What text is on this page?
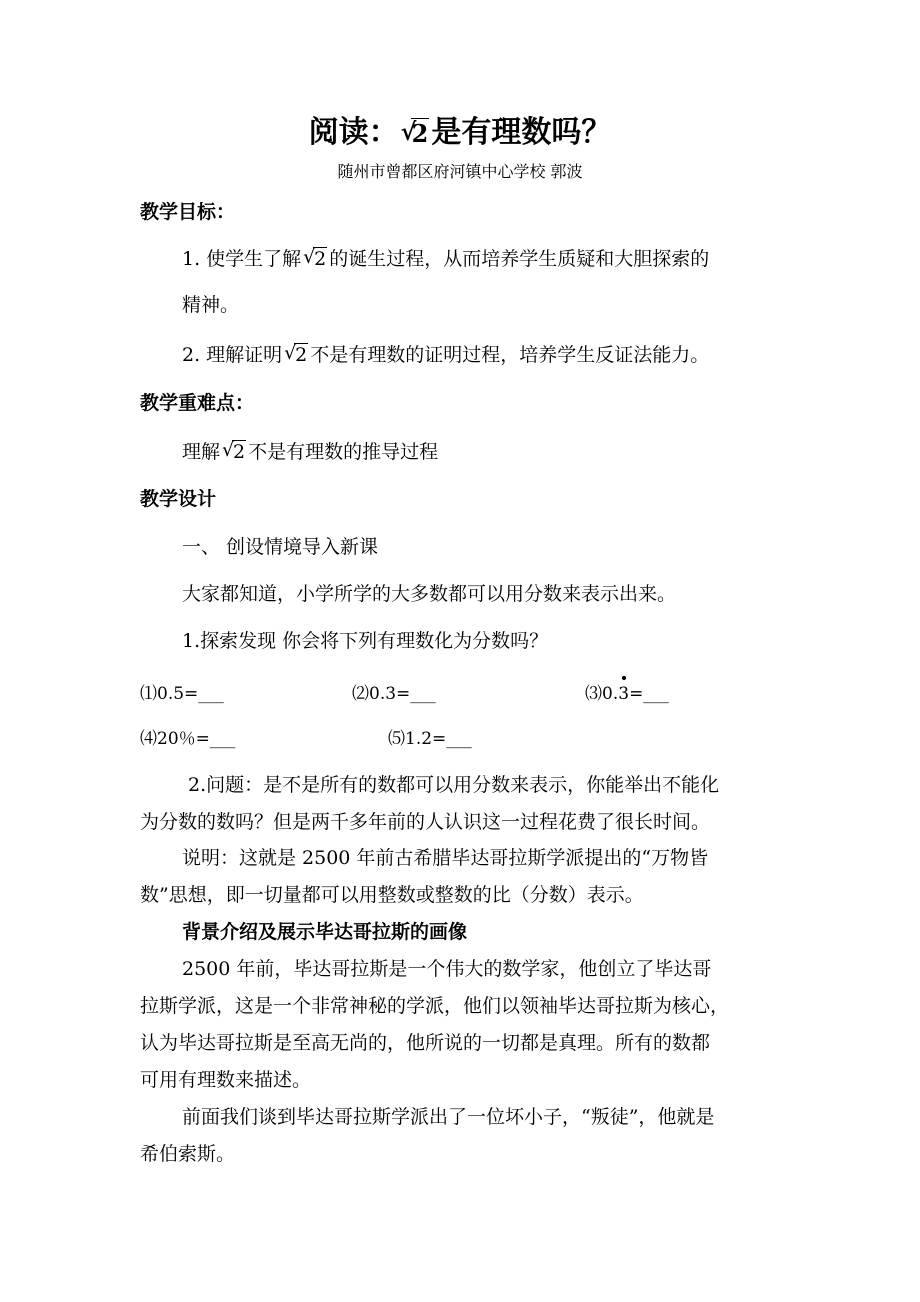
阅读： √
2 是有理数吗？
随州市曾都区府河镇中心学校 郭波
教学目标：
1. 使学生了解 √
2 的诞生过程，从而培养学生质疑和大胆探索的
精神。
2. 理解证明 √
2 不是有理数的证明过程，培养学生反证法能力。
教学重难点：
理解 √
2 不是有理数的推导过程
教学设计
一、 创设情境导入新课
大家都知道，小学所学的大多数都可以用分数来表示出来。
1.探索发现 你会将下列有理数化为分数吗？
⑴0.5=___	⑵0.3=___	⑶0.3=___
⑷20％=___	⑸1.2=___
2.问题：是不是所有的数都可以用分数来表示，你能举出不能化
为分数的数吗？但是两千多年前的人认识这一过程花费了很长时间。
说明：这就是 2500 年前古希腊毕达哥拉斯学派提出的“万物皆
数”思想，即一切量都可以用整数或整数的比（分数）表示。
背景介绍及展示毕达哥拉斯的画像
2500 年前，毕达哥拉斯是一个伟大的数学家，他创立了毕达哥
拉斯学派，这是一个非常神秘的学派，他们以领袖毕达哥拉斯为核心，
认为毕达哥拉斯是至高无尚的，他所说的一切都是真理。所有的数都
可用有理数来描述。
前面我们谈到毕达哥拉斯学派出了一位坏小子，“叛徒”，他就是
希伯索斯。
